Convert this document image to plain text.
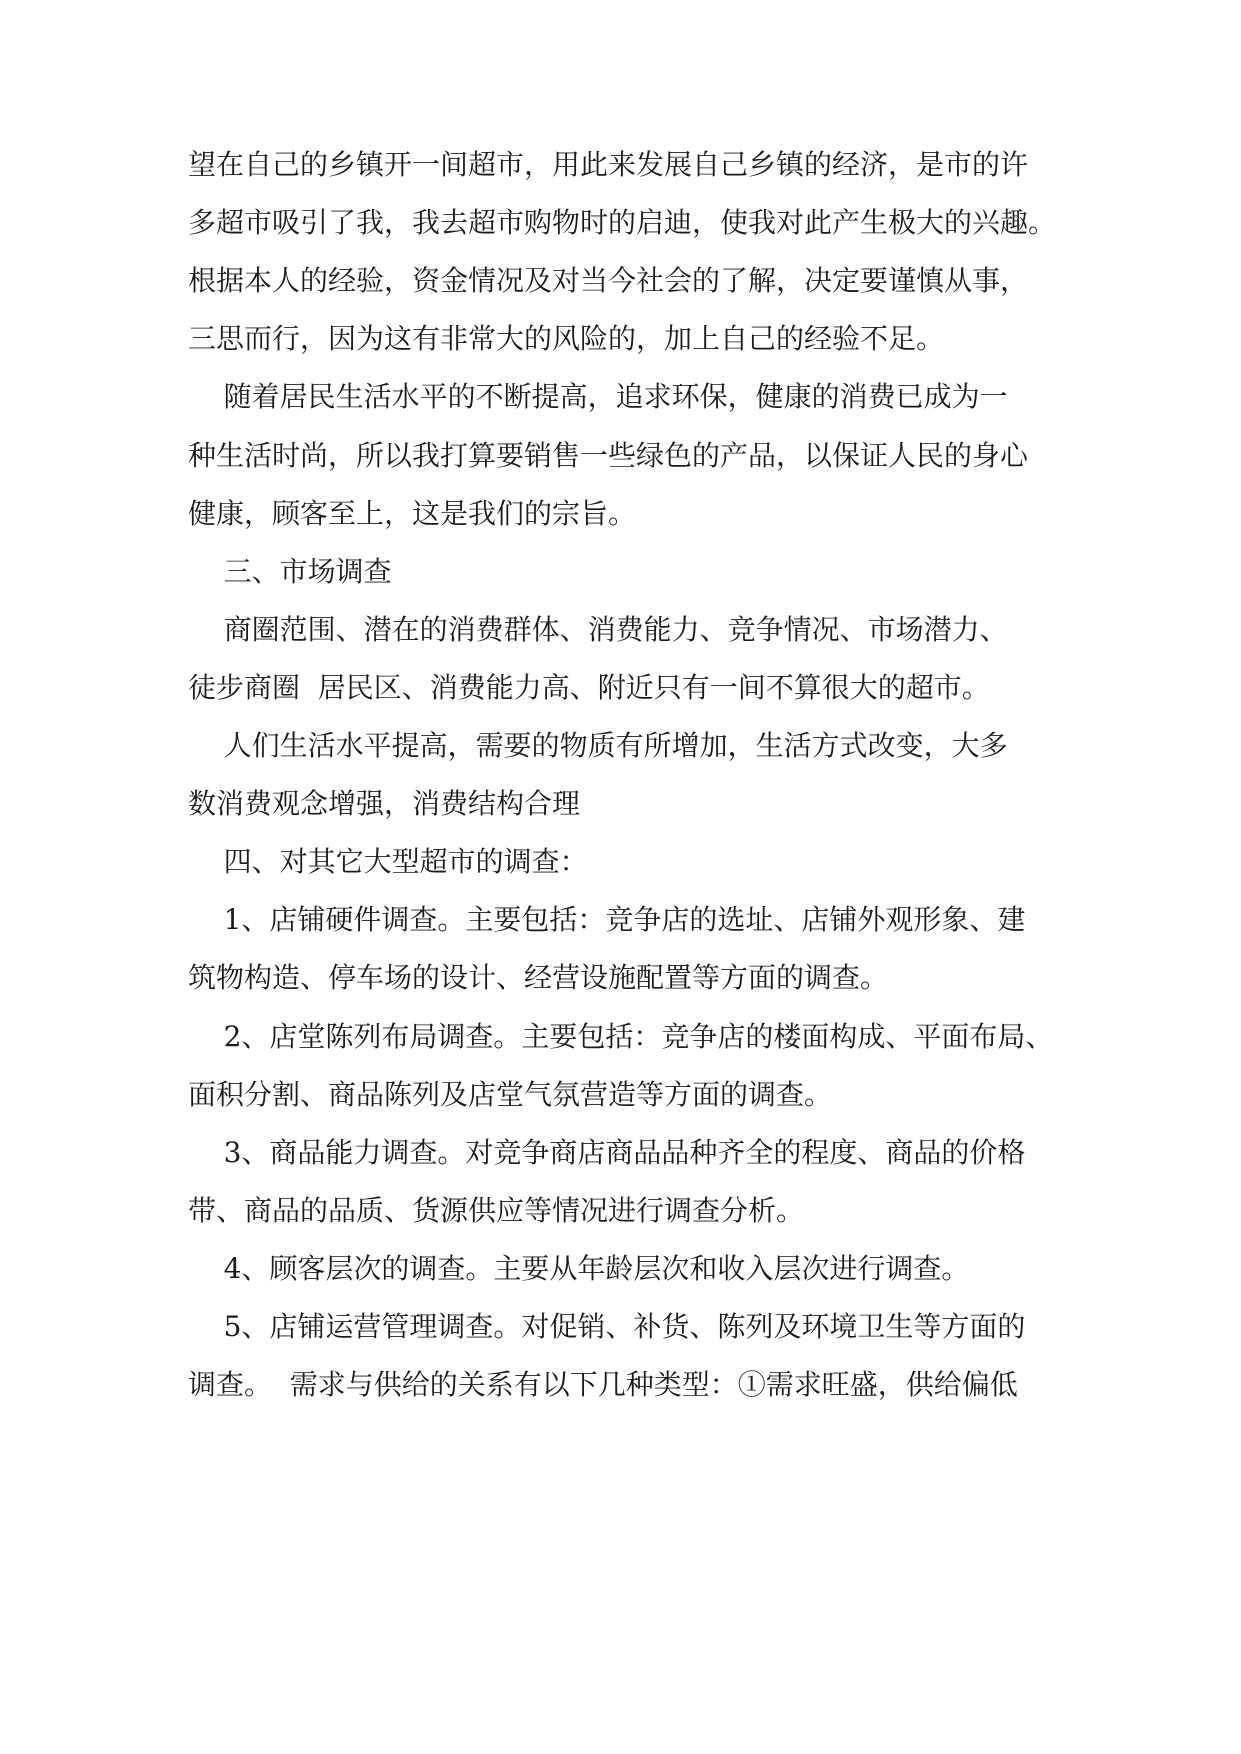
望在自己的乡镇开一间超市，用此来发展自己乡镇的经济，是市的许
多超市吸引了我，我去超市购物时的启迪，使我对此产生极大的兴趣。
根据本人的经验，资金情况及对当今社会的了解，决定要谨慎从事，
三思而行，因为这有非常大的风险的，加上自己的经验不足。
随着居民生活水平的不断提高，追求环保，健康的消费已成为一
种生活时尚，所以我打算要销售一些绿色的产品，以保证人民的身心
健康，顾客至上，这是我们的宗旨。
三、市场调查
商圈范围、潜在的消费群体、消费能力、竞争情况、市场潜力、
徒步商圈  居民区、消费能力高、附近只有一间不算很大的超市。
人们生活水平提高，需要的物质有所增加，生活方式改变，大多
数消费观念增强，消费结构合理
四、对其它大型超市的调查：
1、店铺硬件调查。主要包括：竞争店的选址、店铺外观形象、建
筑物构造、停车场的设计、经营设施配置等方面的调查。
2、店堂陈列布局调查。主要包括：竞争店的楼面构成、平面布局、
面积分割、商品陈列及店堂气氛营造等方面的调查。
3、商品能力调查。对竞争商店商品品种齐全的程度、商品的价格
带、商品的品质、货源供应等情况进行调查分析。
4、顾客层次的调查。主要从年龄层次和收入层次进行调查。
5、店铺运营管理调查。对促销、补货、陈列及环境卫生等方面的
调查。  需求与供给的关系有以下几种类型：①需求旺盛，供给偏低
